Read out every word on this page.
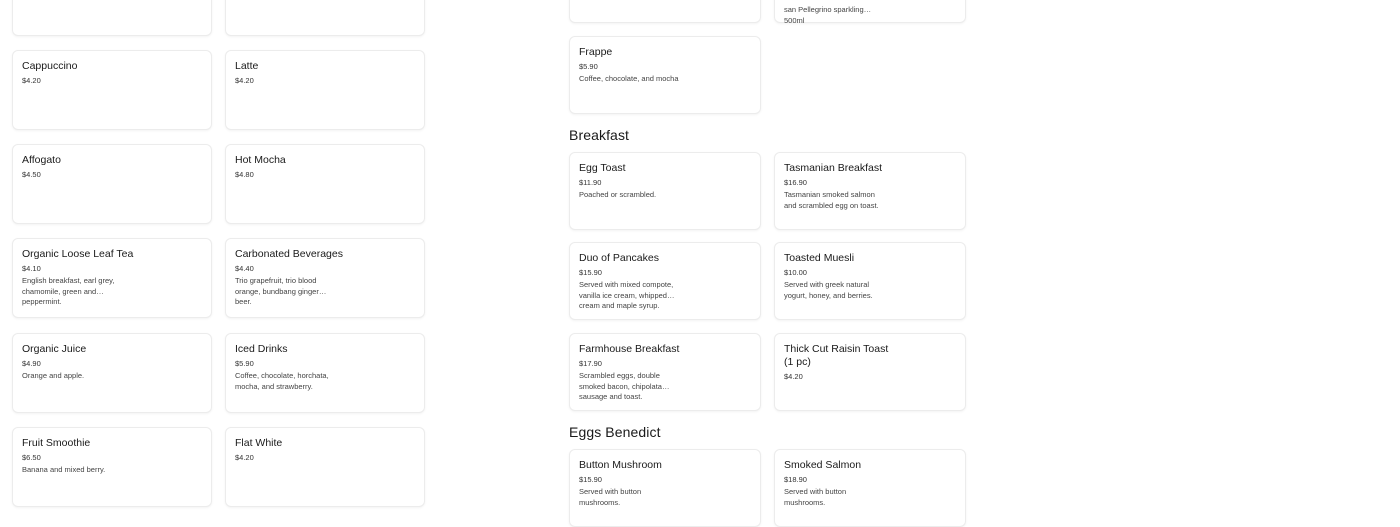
Cappuccino
$4.20
Affogato
$4.50
Organic Loose Leaf Tea
$4.10
English breakfast, earl grey, chamomile, green and peppermint.
Organic Juice
$4.90
Orange and apple.
Fruit Smoothie
$6.50
Banana and mixed berry.
Latte
$4.20
Hot Mocha
$4.80
Carbonated Beverages
$4.40
Trio grapefruit, trio blood orange, bundbang ginger beer.
Iced Drinks
$5.90
Coffee, chocolate, horchata, mocha, and strawberry.
Flat White
$4.20
san Pellegrino sparkling 500ml
Frappe
$5.90
Coffee, chocolate, and mocha
Breakfast
Egg Toast
$11.90
Poached or scrambled.
Tasmanian Breakfast
$16.90
Tasmanian smoked salmon and scrambled egg on toast.
Duo of Pancakes
$15.90
Served with mixed compote, vanilla ice cream, whipped cream and maple syrup.
Toasted Muesli
$10.00
Served with greek natural yogurt, honey, and berries.
Farmhouse Breakfast
$17.90
Scrambled eggs, double smoked bacon, chipolata sausage and toast.
Thick Cut Raisin Toast (1 pc)
$4.20
Eggs Benedict
Button Mushroom
$15.90
Served with button mushrooms.
Smoked Salmon
$18.90
Served with button mushrooms.
